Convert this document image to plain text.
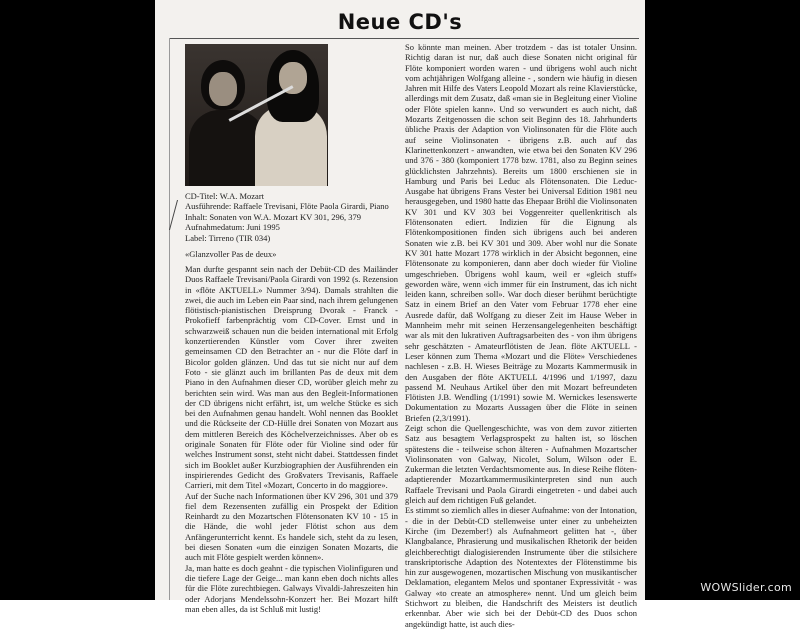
Neue CD's
CD-Titel: W.A. Mozart
Ausführende: Raffaele Trevisani, Flöte Paola Girardi, Piano
Inhalt: Sonaten von W.A. Mozart KV 301, 296, 379
Aufnahmedatum: Juni 1995
Label: Tirreno (TIR 034)
«Glanzvoller Pas de deux»

Man durfte gespannt sein nach der Debüt-CD des Mailänder Duos Raffaele Trevisani/Paola Girardi von 1992 (s. Rezension in «flöte AKTUELL» Nummer 3/94). Damals strahlten die zwei, die auch im Leben ein Paar sind, nach ihrem gelungenen flötistisch-pianistischen Dreisprung Dvorak - Franck - Prokofieff farbenprächtig vom CD-Cover. Ernst und in schwarzweiß schauen nun die beiden international mit Erfolg konzertierenden Künstler vom Cover ihrer zweiten gemeinsamen CD den Betrachter an - nur die Flöte darf in Bicolor golden glänzen. Und das tut sie nicht nur auf dem Foto - sie glänzt auch im brillanten Pas de deux mit dem Piano in den Aufnahmen dieser CD, worüber gleich mehr zu berichten sein wird. Was man aus den Begleit-Informationen der CD übrigens nicht erfährt, ist, um welche Stücke es sich bei den Aufnahmen genau handelt. Wohl nennen das Booklet und die Rückseite der CD-Hülle drei Sonaten von Mozart aus dem mittleren Bereich des Köchelverzeichnisses. Aber ob es originale Sonaten für Flöte oder für Violine sind oder für welches Instrument sonst, steht nicht dabei. Stattdessen findet sich im Booklet außer Kurzbiographien der Ausführenden ein inspirierendes Gedicht des Großvaters Trevisanis, Raffaele Carrieri, mit dem Titel «Mozart, Concerto in do maggiore».

Auf der Suche nach Informationen über KV 296, 301 und 379 fiel dem Rezensenten zufällig ein Prospekt der Edition Reinhardt zu den Mozartschen Flötensonaten KV 10 - 15 in die Hände, die wohl jeder Flötist schon aus dem Anfängerunterricht kennt. Es handele sich, steht da zu lesen, bei diesen Sonaten «um die einzigen Sonaten Mozarts, die auch mit Flöte gespielt werden können».

Ja, man hatte es doch geahnt - die typischen Violinfiguren und die tiefere Lage der Geige... man kann eben doch nichts alles für die Flöte zurechtbiegen. Galways Vivaldi-Jahreszeiten hin oder Adorjans Mendelssohn-Konzert her. Bei Mozart hilft man eben alles, da ist Schluß mit lustig!

So könnte man meinen. Aber trotzdem - das ist totaler Unsinn. Richtig daran ist nur, daß auch diese Sonaten nicht original für Flöte komponiert worden waren - und übrigens wohl auch nicht vom achtjährigen Wolfgang alleine - , sondern wie häufig in diesen Jahren mit Hilfe des Vaters Leopold Mozart als reine Klavierstücke, allerdings mit dem Zusatz, daß «man sie in Begleitung einer Violine oder Flöte spielen kann». Und so verwundert es auch nicht, daß Mozarts Zeitgenossen die schon seit Beginn des 18. Jahrhunderts übliche Praxis der Adaption von Violinsonaten für die Flöte auch auf seine Violinsonaten - übrigens z.B. auch auf das Klarinettenkonzert - anwandten, wie etwa bei den Sonaten KV 296 und 376 - 380 (komponiert 1778 bzw. 1781, also zu Beginn seines glücklichsten Jahrzehnts). Bereits um 1800 erschienen sie in Hamburg und Paris bei Leduc als Flötensonaten. Die Leduc-Ausgabe hat übrigens Frans Vester bei Universal Edition 1981 neu herausgegeben, und 1980 hatte das Ehepaar Bröhl die Violinsonaten KV 301 und KV 303 bei Voggenreiter quellenkritisch als Flötensonaten ediert. Indizien für die Eignung als Flötenkompositionen finden sich übrigens auch bei anderen Sonaten wie z.B. bei KV 301 und 309. Aber wohl nur die Sonate KV 301 hatte Mozart 1778 wirklich in der Absicht begonnen, eine Flötensonate zu komponieren, dann aber doch wieder für Violine umgeschrieben. Übrigens wohl kaum, weil er «gleich stuff» geworden wäre, wenn «ich immer für ein Instrument, das ich nicht leiden kann, schreiben soll». War doch dieser berühmt berüchtigte Satz in einem Brief an den Vater vom Februar 1778 eher eine Ausrede dafür, daß Wolfgang zu dieser Zeit im Hause Weber in Mannheim mehr mit seinen Herzensangelegenheiten beschäftigt war als mit den lukrativen Auftragsarbeiten des - von ihm übrigens sehr geschätzten - Amateurflötisten de Jean. flöte AKTUELL - Leser können zum Thema «Mozart und die Flöte» Verschiedenes nachlesen - z.B. H. Wieses Beiträge zu Mozarts Kammermusik in den Ausgaben der flöte AKTUELL 4/1996 und 1/1997, dazu passend M. Neuhaus Artikel über den mit Mozart befreundeten Flötisten J.B. Wendling (1/1991) sowie M. Wernickes lesenswerte Dokumentation zu Mozarts Aussagen über die Flöte in seinen Briefen (2,3/1991).

Zeigt schon die Quellengeschichte, was von dem zuvor zitierten Satz aus besagtem Verlagsprospekt zu halten ist, so löschen spätestens die - teilweise schon älteren - Aufnahmen Mozartscher Violinsonaten von Galway, Nicolet, Solum, Wilson oder E. Zukerman die letzten Verdachtsmomente aus. In diese Reihe flöten-adaptierender Mozartkammermusikinterpreten sind nun auch Raffaele Trevisani und Paola Girardi eingetreten - und dabei auch gleich auf dem richtigen Fuß gelandet.

Es stimmt so ziemlich alles in dieser Aufnahme: von der Intonation, - die in der Debüt-CD stellenweise unter einer zu unbeheizten Kirche (im Dezember!) als Aufnahmeort gelitten hat -, über Klangbalance, Phrasierung und musikalischen Rhetorik der beiden gleichberechtigt dialogisierenden Instrumente über die stilsichere transkriptorische Adaption des Notentextes der Flötenstimme bis hin zur ausgewogenen, mozartischen Mischung von musikantischer Deklamation, elegantem Melos und spontaner Expressivität - was Galway «to create an atmosphere» nennt. Und um gleich beim Stichwort zu bleiben, die Handschrift des Meisters ist deutlich erkennbar. Aber wie sich bei der Debüt-CD des Duos schon angekündigt hatte, ist auch dies-

WOWSlider.com
